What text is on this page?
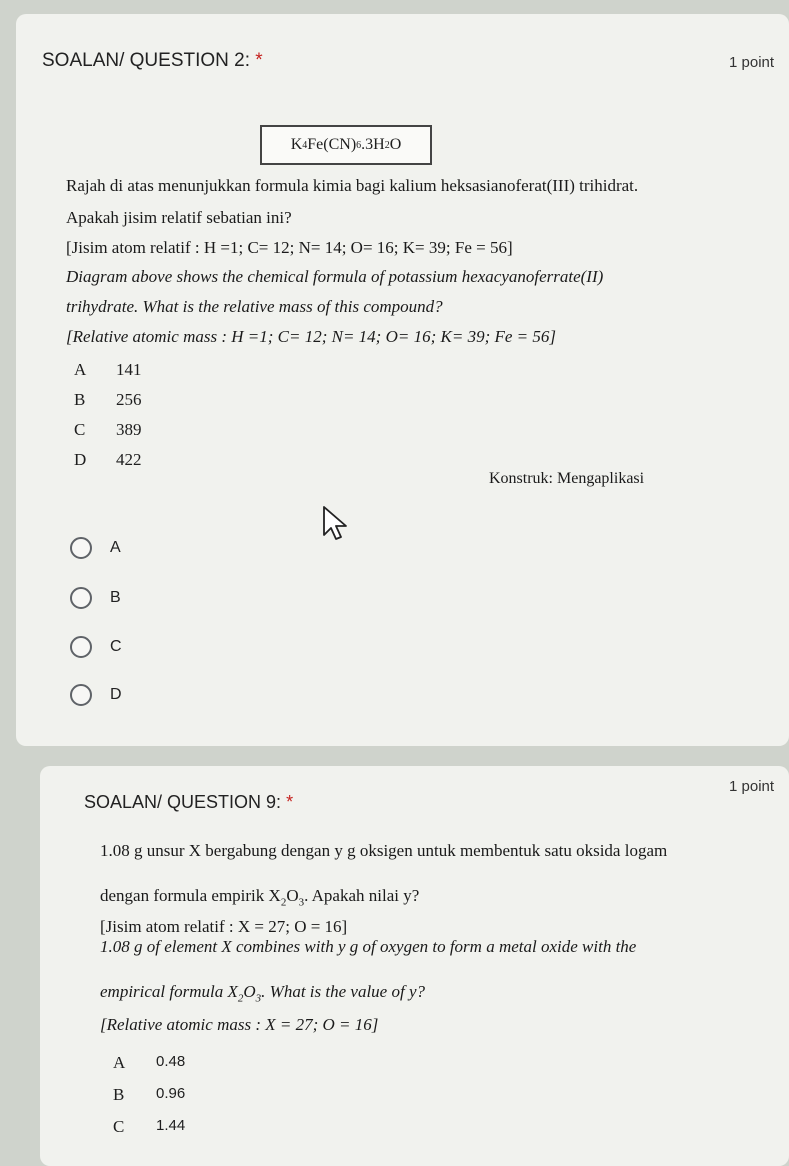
SOALAN/ QUESTION 2: *	1 point
K 4 Fe(CN) 6 .3H 2 O
Rajah di atas menunjukkan formula kimia bagi kalium heksasianoferat(III) trihidrat.
Apakah jisim relatif sebatian ini?
[Jisim atom relatif : H =1; C= 12; N= 14; O= 16; K= 39; Fe = 56]
Diagram above shows the chemical formula of potassium hexacyanoferrate(II)
trihydrate. What is the relative mass of this compound?
[Relative atomic mass : H =1; C= 12; N= 14; O= 16; K= 39; Fe = 56]
A 141
B 256
C 389
D 422
Konstruk: Mengaplikasi
A
B
C
D
SOALAN/ QUESTION 9: *
1 point
1.08 g unsur X bergabung dengan y g oksigen untuk membentuk satu oksida logam
dengan formula empirik $X_2O_3$. Apakah nilai y?
[Jisim atom relatif : X = 27; O = 16]
1.08 g of element X combines with y g of oxygen to form a metal oxide with the
empirical formula $X_2O_3$. What is the value of y?
[Relative atomic mass : X = 27; O = 16]
A 0.48
B 0.96
C 1.44
